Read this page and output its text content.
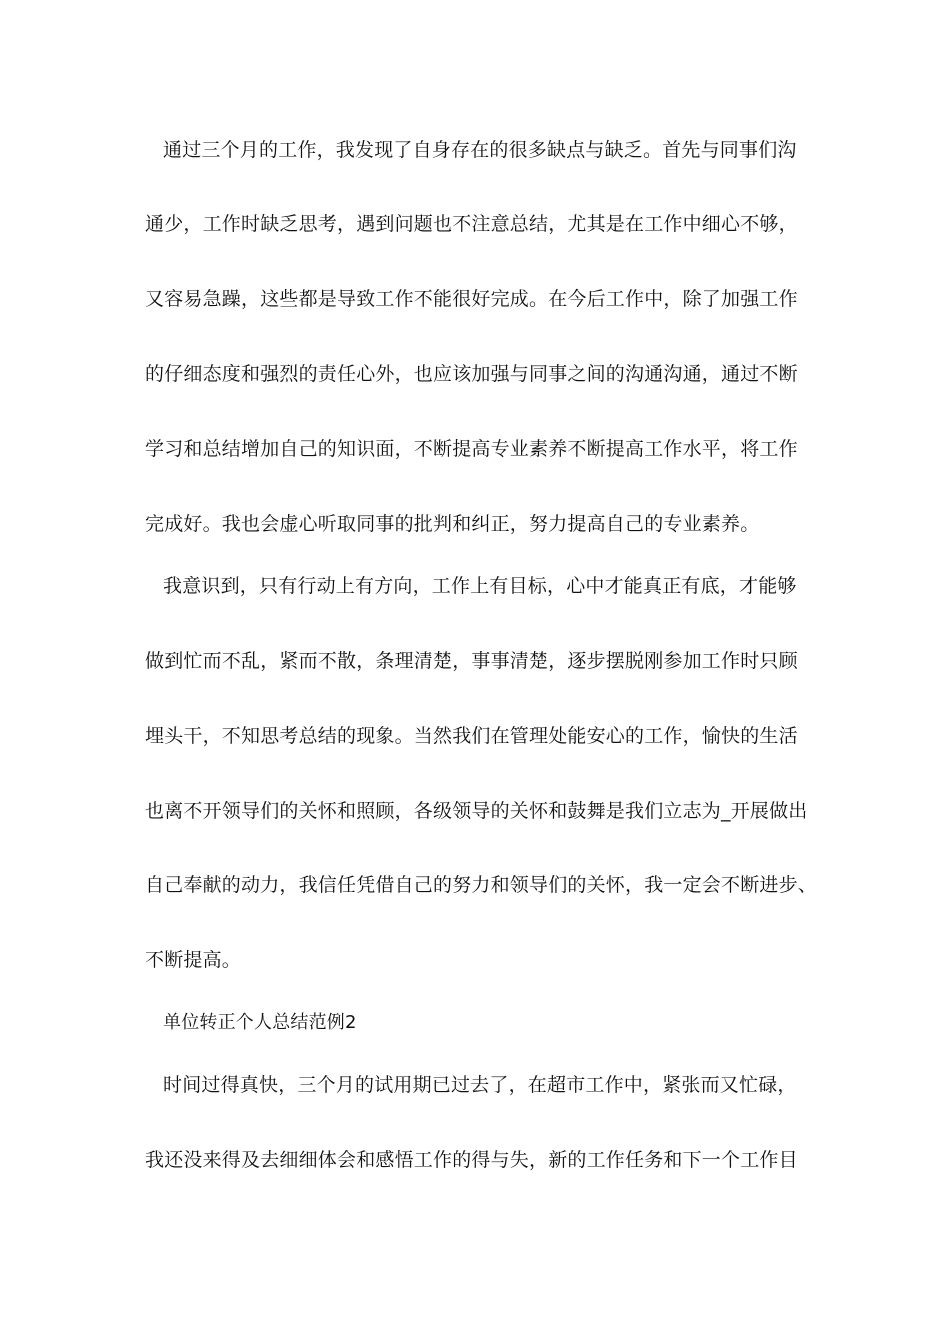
通过三个月的工作，我发现了自身存在的很多缺点与缺乏。首先与同事们沟
通少，工作时缺乏思考，遇到问题也不注意总结，尤其是在工作中细心不够，
又容易急躁，这些都是导致工作不能很好完成。在今后工作中，除了加强工作
的仔细态度和强烈的责任心外，也应该加强与同事之间的沟通沟通，通过不断
学习和总结增加自己的知识面，不断提高专业素养不断提高工作水平，将工作
完成好。我也会虚心听取同事的批判和纠正，努力提高自己的专业素养。
我意识到，只有行动上有方向，工作上有目标，心中才能真正有底，才能够
做到忙而不乱，紧而不散，条理清楚，事事清楚，逐步摆脱刚参加工作时只顾
埋头干，不知思考总结的现象。当然我们在管理处能安心的工作，愉快的生活
也离不开领导们的关怀和照顾，各级领导的关怀和鼓舞是我们立志为_开展做出
自己奉献的动力，我信任凭借自己的努力和领导们的关怀，我一定会不断进步、
不断提高。
单位转正个人总结范例2
时间过得真快，三个月的试用期已过去了，在超市工作中，紧张而又忙碌，
我还没来得及去细细体会和感悟工作的得与失，新的工作任务和下一个工作目
